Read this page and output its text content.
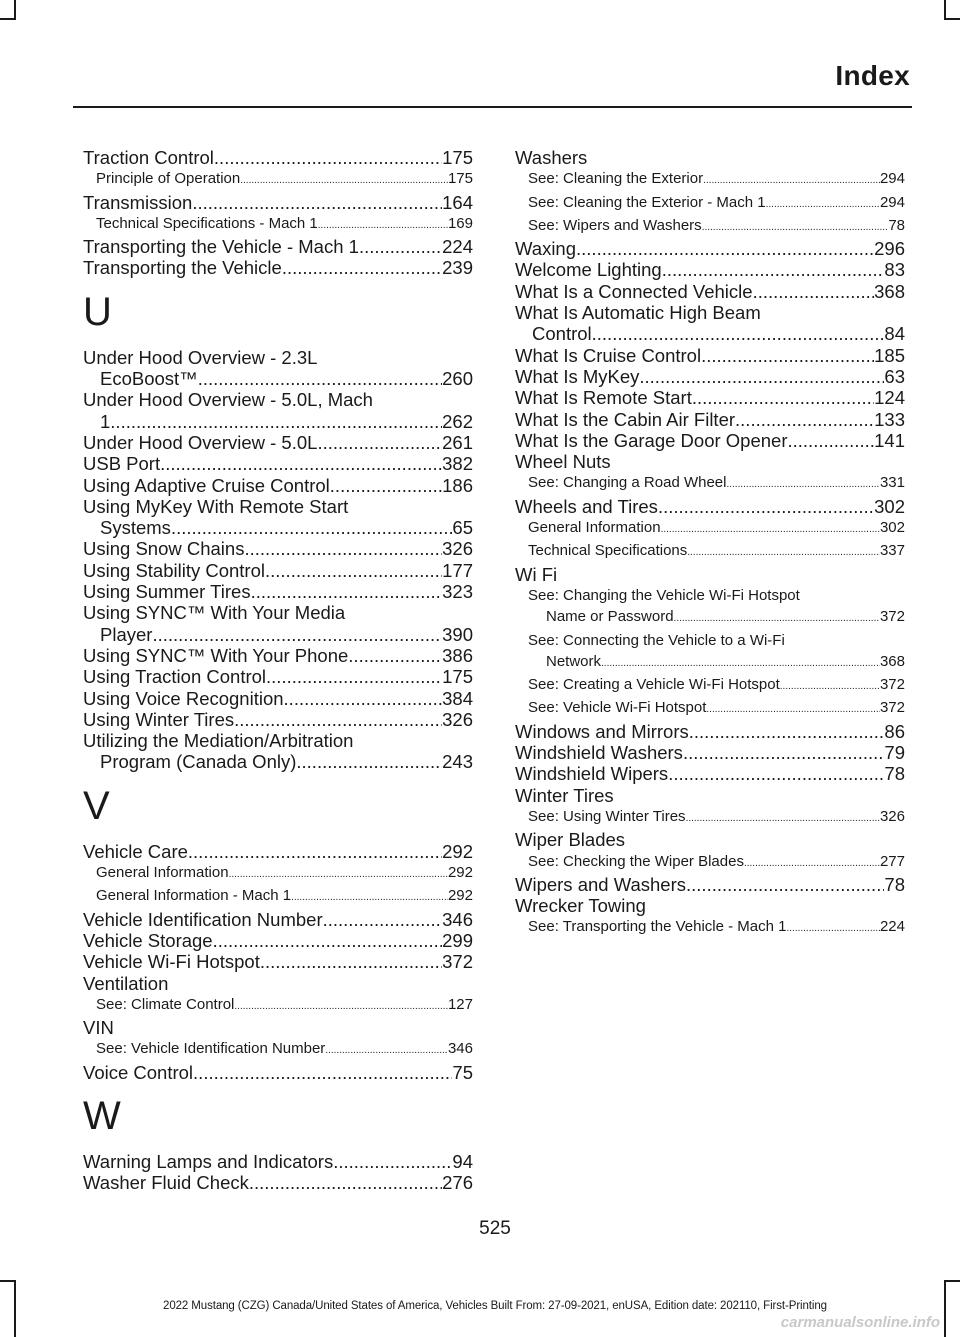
Index
Traction Control .....	175
Principle of Operation .....	175
Transmission .....	164
Technical Specifications - Mach 1 .....	169
Transporting the Vehicle - Mach 1 .....	224
Transporting the Vehicle .....	239
U
Under Hood Overview - 2.3L
EcoBoost™ .....	260
Under Hood Overview - 5.0L, Mach
1 .....	262
Under Hood Overview - 5.0L .....	261
USB Port .....	382
Using Adaptive Cruise Control .....	186
Using MyKey With Remote Start
Systems .....	65
Using Snow Chains .....	326
Using Stability Control .....	177
Using Summer Tires .....	323
Using SYNC™ With Your Media
Player .....	390
Using SYNC™ With Your Phone .....	386
Using Traction Control .....	175
Using Voice Recognition .....	384
Using Winter Tires .....	326
Utilizing the Mediation/Arbitration
Program (Canada Only) .....	243
V
Vehicle Care .....	292
General Information .....	292
General Information - Mach 1 .....	292
Vehicle Identification Number .....	346
Vehicle Storage .....	299
Vehicle Wi-Fi Hotspot .....	372
Ventilation
See: Climate Control .....	127
VIN
See: Vehicle Identification Number .....	346
Voice Control .....	75
W
Warning Lamps and Indicators .....	94
Washer Fluid Check .....	276
Washers
See: Cleaning the Exterior .....	294
See: Cleaning the Exterior - Mach 1 .....	294
See: Wipers and Washers .....	78
Waxing .....	296
Welcome Lighting .....	83
What Is a Connected Vehicle .....	368
What Is Automatic High Beam
Control .....	84
What Is Cruise Control .....	185
What Is MyKey .....	63
What Is Remote Start .....	124
What Is the Cabin Air Filter .....	133
What Is the Garage Door Opener .....	141
Wheel Nuts
See: Changing a Road Wheel .....	331
Wheels and Tires .....	302
General Information .....	302
Technical Specifications .....	337
Wi Fi
See: Changing the Vehicle Wi-Fi Hotspot
Name or Password .....	372
See: Connecting the Vehicle to a Wi-Fi
Network .....	368
See: Creating a Vehicle Wi-Fi Hotspot .....	372
See: Vehicle Wi-Fi Hotspot .....	372
Windows and Mirrors .....	86
Windshield Washers .....	79
Windshield Wipers .....	78
Winter Tires
See: Using Winter Tires .....	326
Wiper Blades
See: Checking the Wiper Blades .....	277
Wipers and Washers .....	78
Wrecker Towing
See: Transporting the Vehicle - Mach 1 .....	224
525
2022 Mustang (CZG) Canada/United States of America, Vehicles Built From: 27-09-2021, enUSA, Edition date: 202110, First-Printing
carmanualsonline.info
